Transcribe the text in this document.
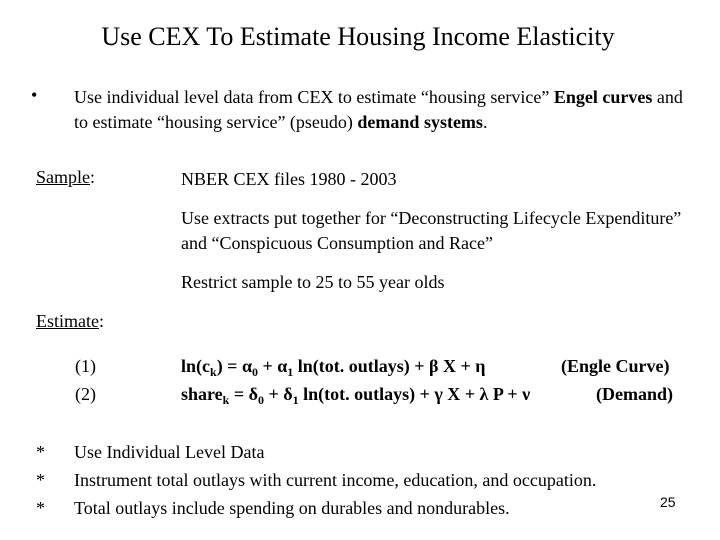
Use CEX To Estimate Housing Income Elasticity
• Use individual level data from CEX to estimate “housing service” Engel curves and to estimate “housing service” (pseudo) demand systems.
Sample:	NBER CEX files 1980 - 2003
Use extracts put together for “Deconstructing Lifecycle Expenditure” and “Conspicuous Consumption and Race”
Restrict sample to 25 to 55 year olds
Estimate:
(1)	$\ln(c_k) = \alpha_0 + \alpha_1$ ln(tot. outlays) + β X + η	(Engle Curve)
(2)	share$_k$ = $\delta_0 + \delta_1$ ln(tot. outlays) + γ X + λ P + ν	(Demand)
* Use Individual Level Data
* Instrument total outlays with current income, education, and occupation.
* Total outlays include spending on durables and nondurables.	25
